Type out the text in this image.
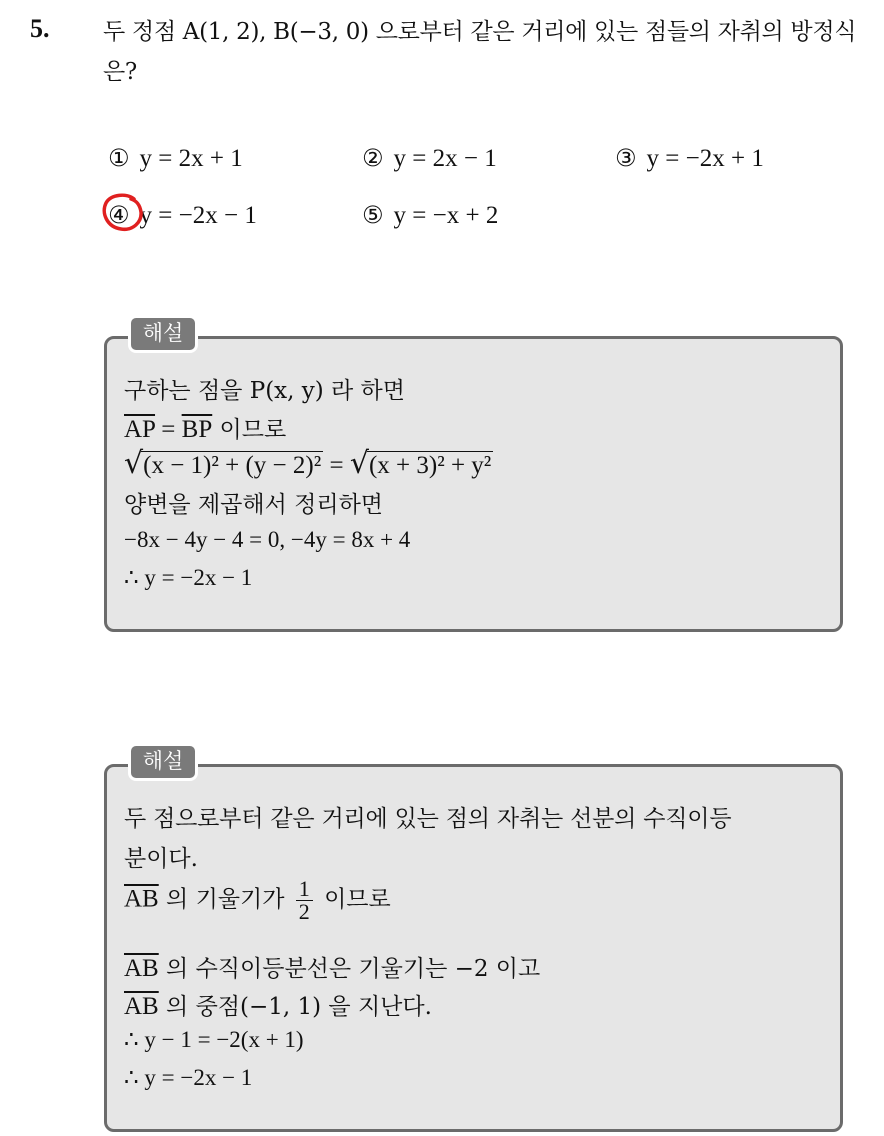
5. 두 정점 A(1, 2), B(−3, 0) 으로부터 같은 거리에 있는 점들의 자취의 방정식은?
① y = 2x + 1	② y = 2x − 1	③ y = −2x + 1
④ y = −2x − 1	⑤ y = −x + 2
해설
구하는 점을 P(x, y) 라 하면
$\overline{AP} = \overline{BP}$ 이므로
√(x − 1)² + (y − 2)² = √(x + 3)² + y²
양변을 제곱해서 정리하면
−8x − 4y − 4 = 0, −4y = 8x + 4
∴ y = −2x − 1
해설
두 점으로부터 같은 거리에 있는 점의 자취는 선분의 수직이등
분이다.
$\overline{AB}$ 의 기울기가 $\frac{1}{2}$ 이므로
$\overline{AB}$ 의 수직이등분선은 기울기는 −2 이고
$\overline{AB}$ 의 중점(−1, 1) 을 지난다.
∴ y − 1 = −2(x + 1)
∴ y = −2x − 1
